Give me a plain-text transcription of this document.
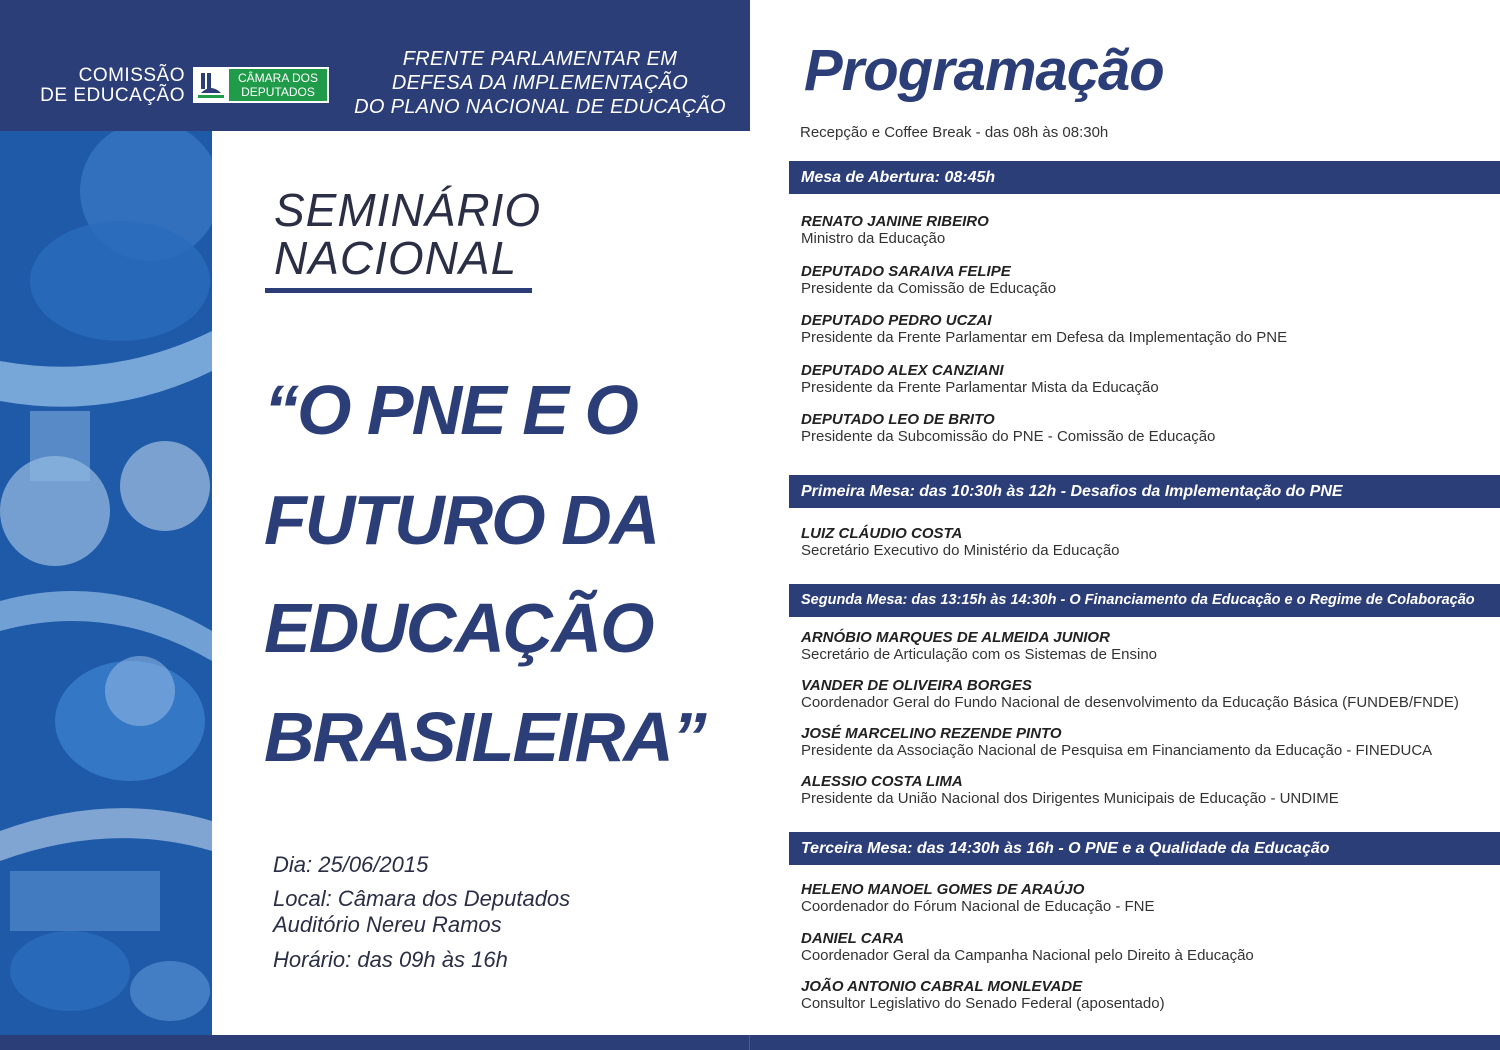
COMISSÃO
DE EDUCAÇÃO
CÂMARA DOS
DEPUTADOS
FRENTE PARLAMENTAR EM
DEFESA DA IMPLEMENTAÇÃO
DO PLANO NACIONAL DE EDUCAÇÃO
SEMINÁRIO
NACIONAL
“O PNE E O
FUTURO DA
EDUCAÇÃO
BRASILEIRA”
Dia: 25/06/2015
Local: Câmara dos Deputados
Auditório Nereu Ramos
Horário: das 09h às 16h
Programação
Recepção e Coffee Break - das 08h às 08:30h
Mesa de Abertura: 08:45h
RENATO JANINE RIBEIRO
Ministro da Educação
DEPUTADO SARAIVA FELIPE
Presidente da Comissão de Educação
DEPUTADO PEDRO UCZAI
Presidente da Frente Parlamentar em Defesa da Implementação do PNE
DEPUTADO ALEX CANZIANI
Presidente da Frente Parlamentar Mista da Educação
DEPUTADO LEO DE BRITO
Presidente da Subcomissão do PNE - Comissão de Educação
Primeira Mesa: das 10:30h às 12h - Desafios da Implementação do PNE
LUIZ CLÁUDIO COSTA
Secretário Executivo do Ministério da Educação
Segunda Mesa: das 13:15h às 14:30h - O Financiamento da Educação e o Regime de Colaboração
ARNÓBIO MARQUES DE ALMEIDA JUNIOR
Secretário de Articulação com os Sistemas de Ensino
VANDER DE OLIVEIRA BORGES
Coordenador Geral do Fundo Nacional de desenvolvimento da Educação Básica (FUNDEB/FNDE)
JOSÉ MARCELINO REZENDE PINTO
Presidente da Associação Nacional de Pesquisa em Financiamento da Educação - FINEDUCA
ALESSIO COSTA LIMA
Presidente da União Nacional dos Dirigentes Municipais de Educação - UNDIME
Terceira Mesa: das 14:30h às 16h - O PNE e a Qualidade da Educação
HELENO MANOEL GOMES DE ARAÚJO
Coordenador do Fórum Nacional de Educação - FNE
DANIEL CARA
Coordenador Geral da Campanha Nacional pelo Direito à Educação
JOÃO ANTONIO CABRAL MONLEVADE
Consultor Legislativo do Senado Federal (aposentado)
